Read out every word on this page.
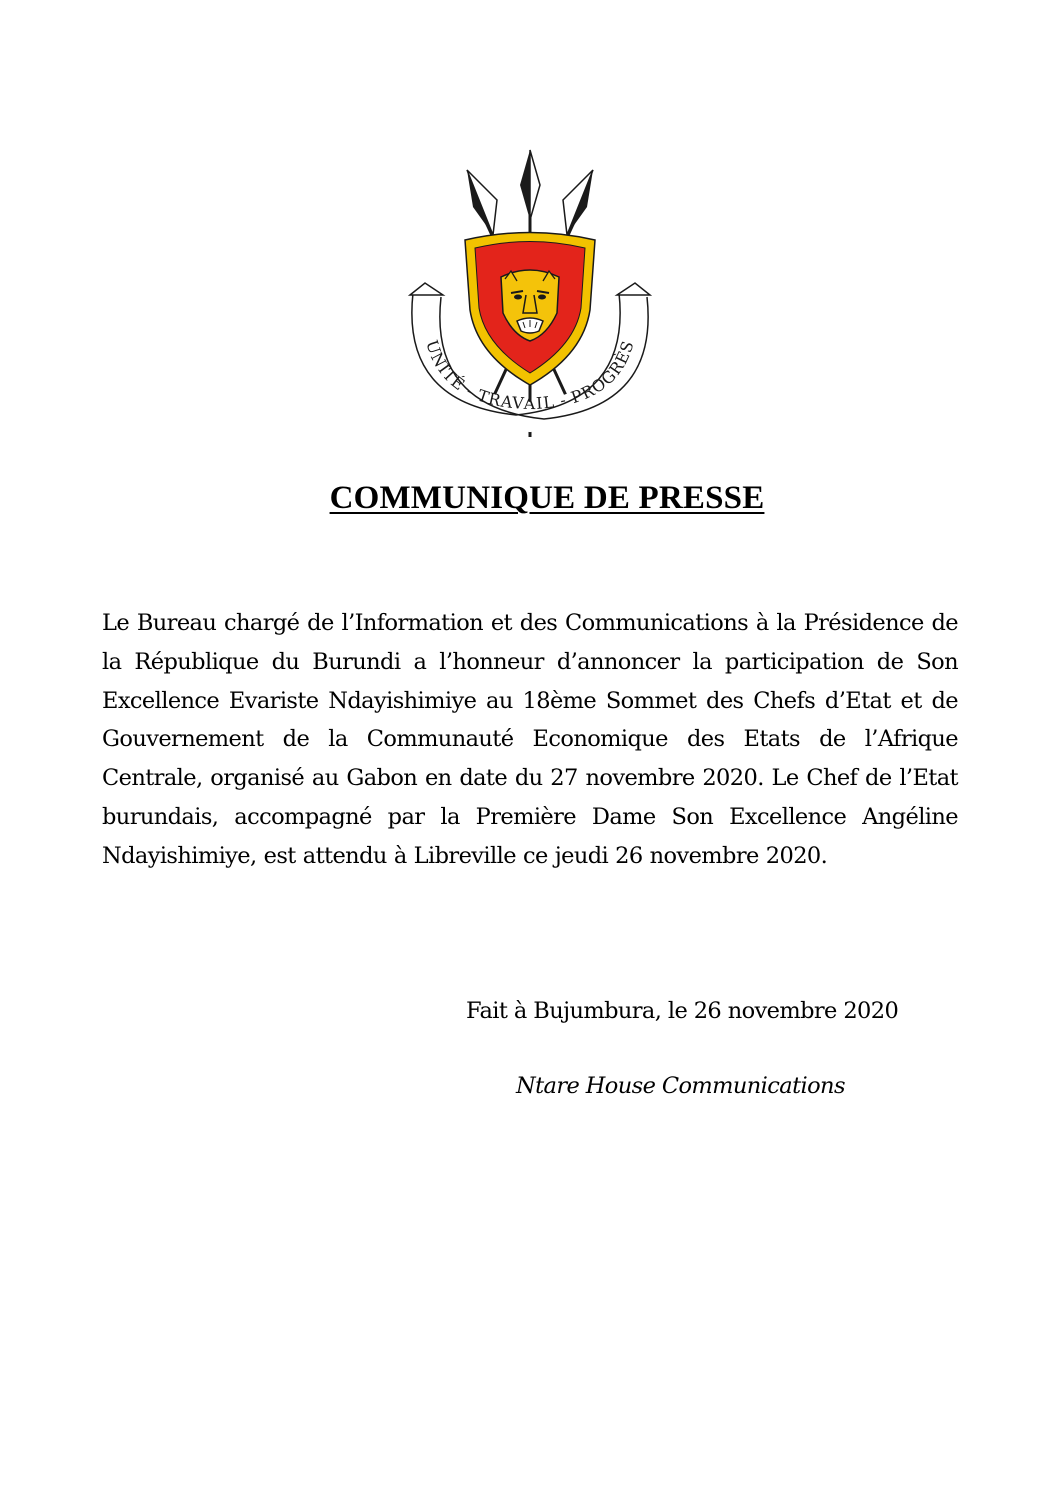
UNITÉ - TRAVAIL - PROGRÈS
COMMUNIQUE DE PRESSE
Le Bureau chargé de l’Information et des Communications à la Présidence de la République du Burundi a l’honneur d’annoncer la participation de Son Excellence Evariste Ndayishimiye au 18ème Sommet des Chefs d’Etat et de Gouvernement de la Communauté Economique des Etats de l’Afrique Centrale, organisé au Gabon en date du 27 novembre 2020. Le Chef de l’Etat burundais, accompagné par la Première Dame Son Excellence Angéline Ndayishimiye, est attendu à Libreville ce jeudi 26 novembre 2020.
Fait à Bujumbura, le 26 novembre 2020
Ntare House Communications
